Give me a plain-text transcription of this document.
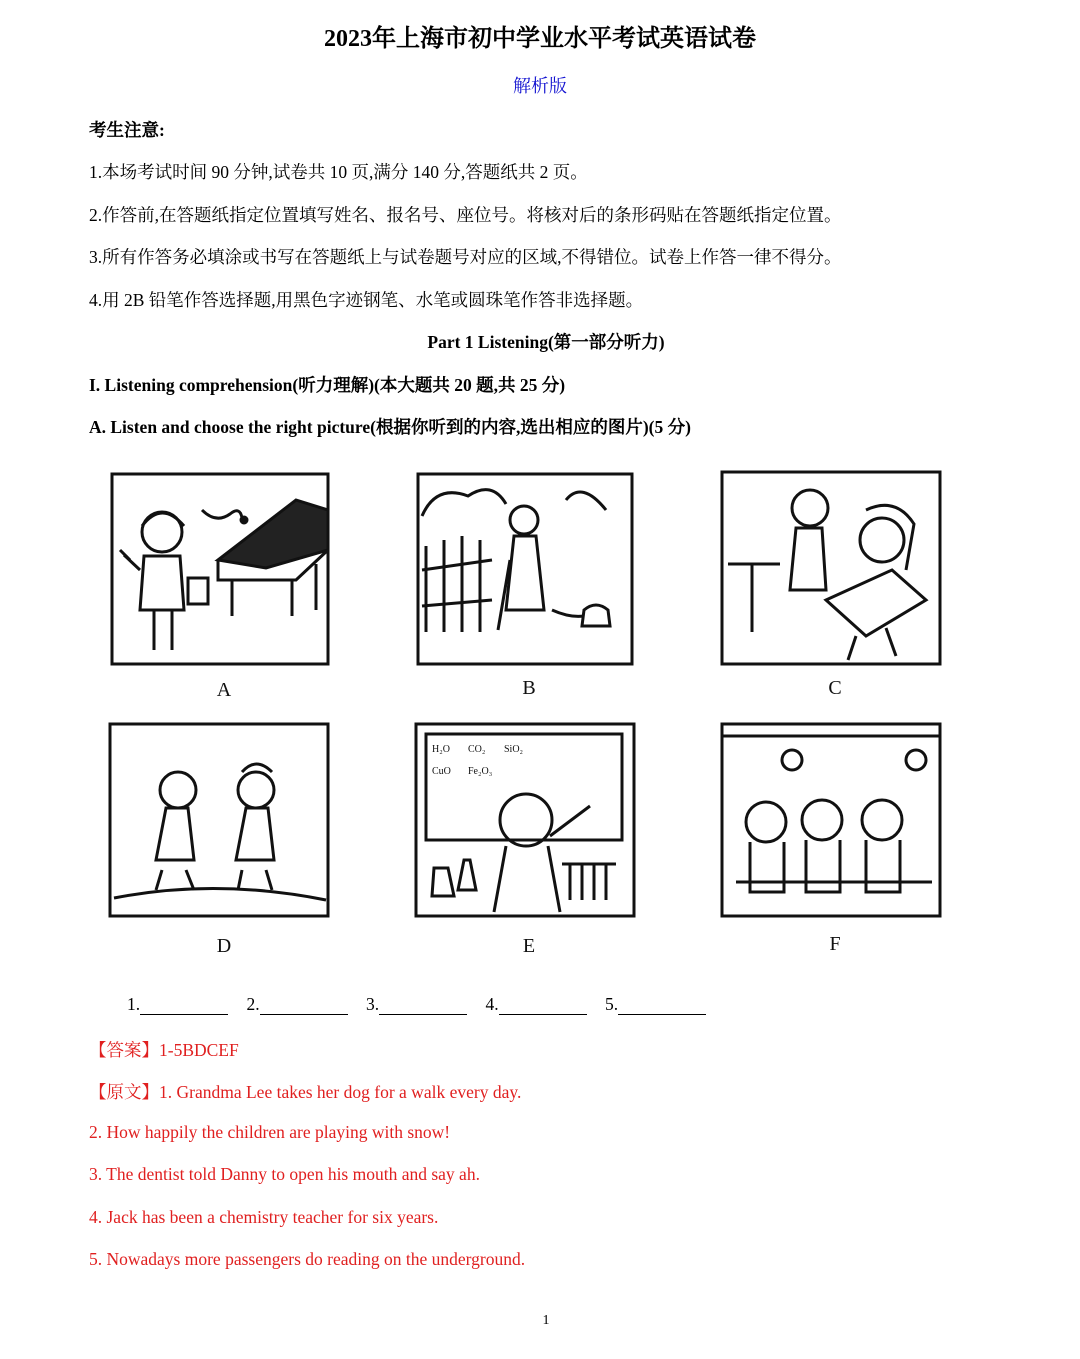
2023年上海市初中学业水平考试英语试卷
解析版
考生注意:
1.本场考试时间 90 分钟,试卷共 10 页,满分 140 分,答题纸共 2 页。
2.作答前,在答题纸指定位置填写姓名、报名号、座位号。将核对后的条形码贴在答题纸指定位置。
3.所有作答务必填涂或书写在答题纸上与试卷题号对应的区域,不得错位。试卷上作答一律不得分。
4.用 2B 铅笔作答选择题,用黑色字迹钢笔、水笔或圆珠笔作答非选择题。
Part 1 Listening(第一部分听力)
I. Listening comprehension(听力理解)(本大题共 20 题,共 25 分)
A. Listen and choose the right picture(根据你听到的内容,选出相应的图片)(5 分)
H₂O CO₂ SiO₂
CuO Fe₂O₃
A	B	C
D	E	F
1.	2.	3.	4.	5.
【答案】1-5BDCEF
【原文】1. Grandma Lee takes her dog for a walk every day.
2. How happily the children are playing with snow!
3. The dentist told Danny to open his mouth and say ah.
4. Jack has been a chemistry teacher for six years.
5. Nowadays more passengers do reading on the underground.
1
